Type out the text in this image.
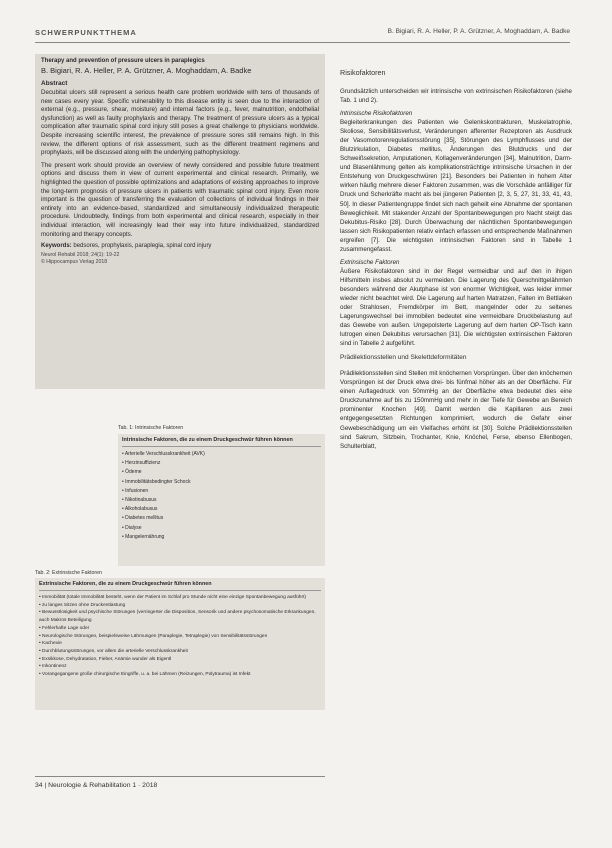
SCHWERPUNKTTHEMA	B. Bigiari, R. A. Heller, P. A. Grützner, A. Moghaddam, A. Badke
Therapy and prevention of pressure ulcers in paraplegics
B. Bigiari, R. A. Heller, P. A. Grützner, A. Moghaddam, A. Badke
Abstract

Decubital ulcers still represent a serious health care problem worldwide with tens of thousands of new cases every year. Specific vulnerability to this disease entity is seen due to the interaction of external (e.g., pressure, shear, moisture) and internal factors (e.g., fever, malnutrition, endothelial dysfunction) as well as faulty prophylaxis and therapy. The treatment of pressure ulcers as a typical complication after traumatic spinal cord injury still poses a great challenge to physicians worldwide. Despite increasing scientific interest, the prevalence of pressure sores still remains high. In this review, the different options of risk assessment, such as the different treatment regimens and prophylaxis, will be discussed along with the underlying pathophysiology.

The present work should provide an overview of newly considered and possible future treatment options and discuss them in view of current experimental and clinical research. Primarily, we highlighted the question of possible optimizations and adaptations of existing approaches to improve the long-term prognosis of pressure ulcers in patients with traumatic spinal cord injury. Even more important is the question of transferring the evaluation of collections of individual findings in their entirety into an evidence-based, standardized and simultaneously individualized therapeutic procedure. Undoubtedly, findings from both experimental and clinical research, especially in their individual interaction, will increasingly lead their way into future individualized, standardized monitoring and therapy concepts.

Keywords: bedsores, prophylaxis, paraplegia, spinal cord injury
Neurol Rehabil 2018; 24(1): 19-22
© Hippocampus Verlag 2018
Tab. 1: Intrinsische Faktoren
Intrinsische Faktoren, die zu einem Druckgeschwür führen können
• Arterielle Verschlusskrankheit (AVK)
• Herzinsuffizienz
• Ödeme
• Immobilitätsbedingter Schock
• Infusionen
• Nikotinabusus
• Alkoholabusus
• Diabetes mellitus
• Dialyse
• Mangelernährung
Tab. 2: Extrinsische Faktoren
Extrinsische Faktoren, die zu einem Druckgeschwür führen können
• Immobilität (totale Immobilität besteht, wenn der Patient im Schlaf pro Stunde nicht eine einzige Spontanbewegung ausführt)
• zu langes Sitzen ohne Druckentlastung
• Bewusstlosigkeit und psychische Störungen (verringerter die Disposition, Sensorik und andere psychosomatische Erkrankungen, auch Makros Beteiligung
• Fehlerhafte Lage oder
• Neurologische Störungen, beispielsweise Lähmungen (Paraplegie, Tetraplegie) von Sensibilitätsstörungen
• Kachexie
• Durchblutungsstörungen, vor allem die arterielle Verschlusskrankheit
• Exsikkose, Dehydratation, Fieber, Anämie wunder als Eigentl
• Inkontinenz
• Vorangegangene große chirurgische Eingriffe, u. a. bei Lähmen (Reizungen, Polytrauma) ist Infekt
34 | Neurologie & Rehabilitation 1 · 2018
Risikofaktoren

Grundsätzlich unterscheiden wir intrinsische von extrinsischen Risikofaktoren (siehe Tab. 1 und 2).

Intrinsische Risikofaktoren

Begleiterkrankungen des Patienten wie Gelenkskontrakturen, Muskelatrophie, Skoliose, Sensibilitätsverlust, Veränderungen afferenter Rezeptoren als Ausdruck der Vasomotorenregulationsstörung [35], Störungen des Lymphflusses und der Blutzirkulation, Diabetes mellitus, Änderungen des Blutdrucks und der Schweißsekretion, Amputationen, Kollagenveränderungen [34], Malnutrition, Darm- und Blasenlähmung gelten als komplikationsträchtige intrinsische Ursachen in der Entstehung von Druckgeschwüren [21]. Besonders bei Patienten in hohem Alter wirken häufig mehrere dieser Faktoren zusammen, was die Vorschäde anfälliger für Druck und Scherkräfte macht als bei jüngeren Patienten [2, 3, 5, 27, 31, 33, 41, 43, 50]. In dieser Patientengruppe findet sich nach geheilt eine Abnahme der spontanen Beweglichkeit. Mit stakender Anzahl der Spontanbewegungen pro Nacht steigt das Dekubitus-Risiko [28]. Durch Überwachung der nächtlichen Spontanbewegungen lassen sich Risikopatienten relativ einfach erfassen und entsprechende Maßnahmen ergreifen [7]. Die wichtigsten intrinsischen Faktoren sind in Tabelle 1 zusammengefasst.

Extrinsische Faktoren

Äußere Risikofaktoren sind in der Regel vermeidbar und auf den in ihigen Hilfsmitteln insbes absolut zu vermeiden. Die Lagerung des Querschnittgelähmten besonders während der Akutphase ist von enormer Wichtigkeit, was leider immer wieder nicht beachtet wird. Die Lagerung auf harten Matratzen, Falten im Bettlaken oder Strahlosen, Fremdkörper im Bett, mangelnder oder zu seltenes Lagerungswechsel bei immobilen bedeutet eine vermeidbare Druckbelastung auf das Gewebe von außen. Ungepolsterte Lagerung auf dem harten OP-Tisch kann lutrogen einen Dekubitus verursachen [31]. Die wichtigsten extrinsischen Faktoren sind in Tabelle 2 aufgeführt.

Prädilektionsstellen und Skelettdeformitäten

Prädilektionsstellen sind Stellen mit knöchernen Vorsprüngen. Über den knöchernen Vorsprüngen ist der Druck etwa drei- bis fünfmal höher als an der Oberfläche. Für einen Auflagedruck von 50mmHg an der Oberfläche etwa bedeutet dies eine Druckzunahme auf bis zu 150mmHg und mehr in der Tiefe für Gewebe an Bereich prominenter Knochen [49]. Damit werden die Kapillaren aus zwei entgegengesetzten Richtungen komprimiert, wodurch die Gefahr einer Gewebeschädigung um ein Vielfaches erhöht ist [30]. Solche Prädilektionsstellen sind Sakrum, Sitzbein, Trochanter, Knie, Knöchel, Ferse, ebenso Ellenbogen, Schulterblatt,
